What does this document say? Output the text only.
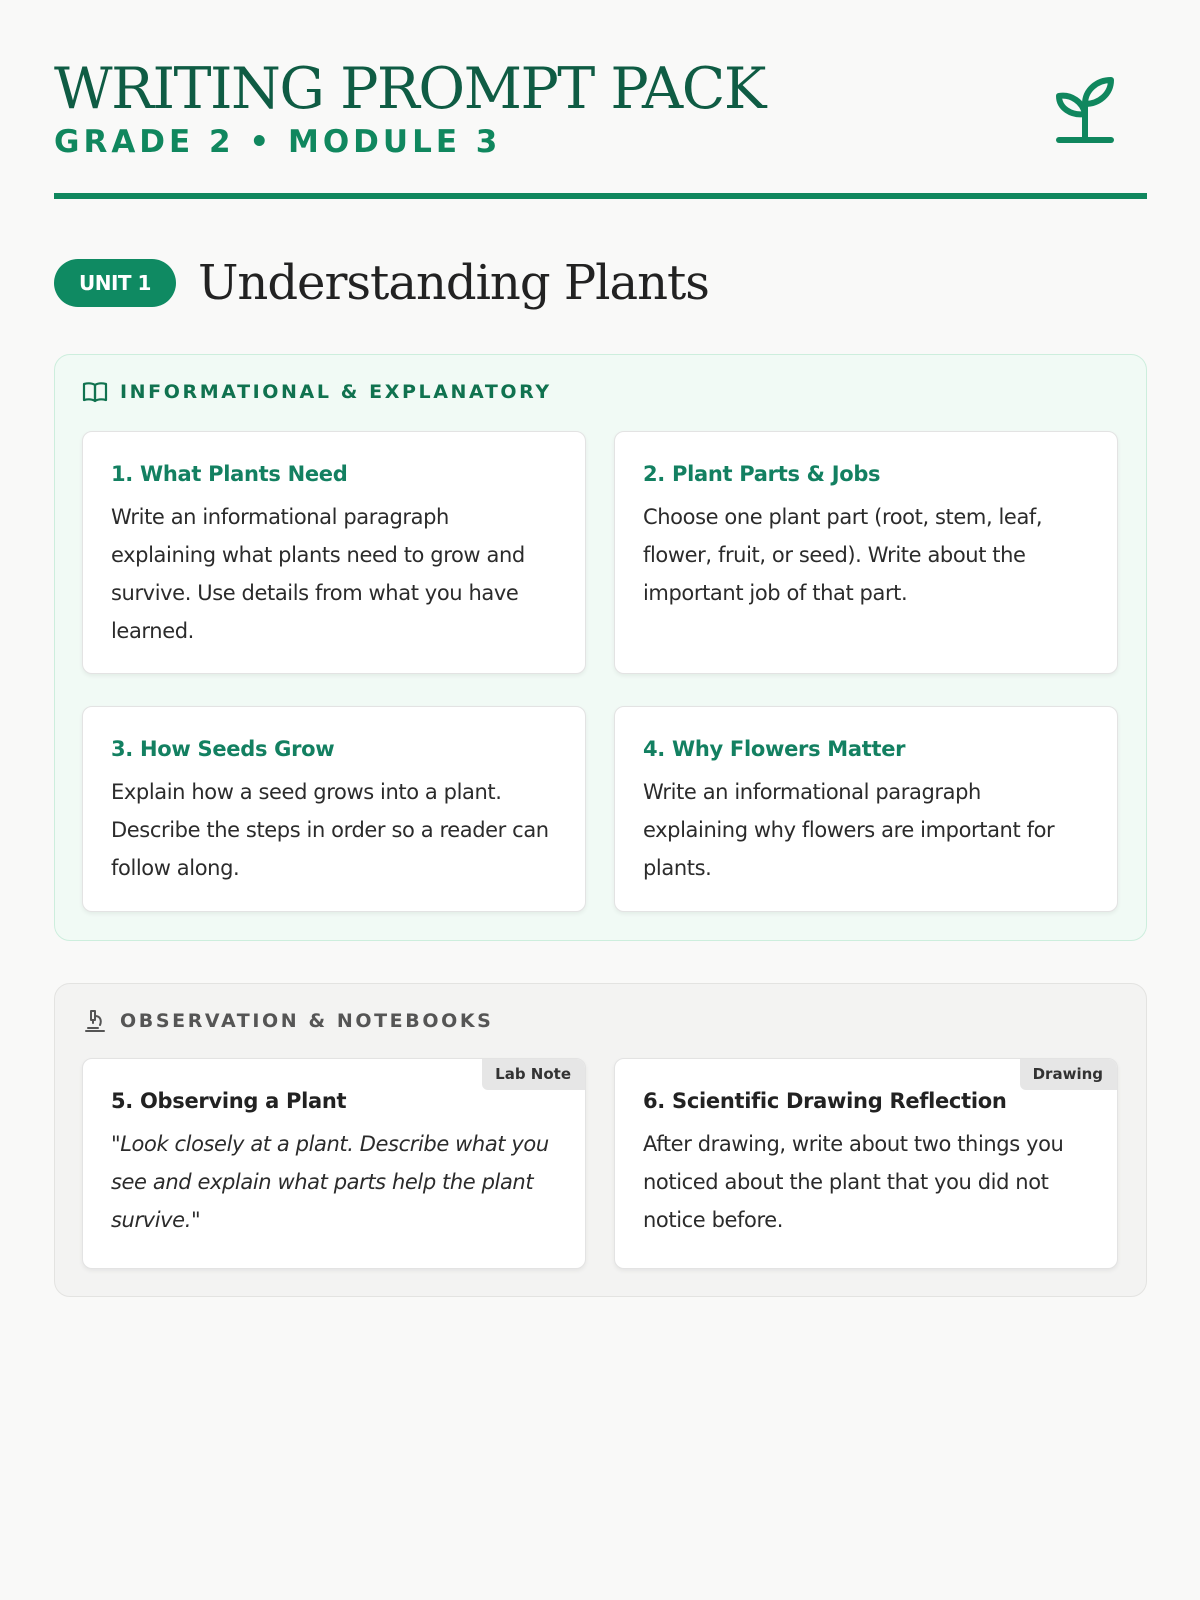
WRITING PROMPT PACK
GRADE 2 • MODULE 3
UNIT 1 Understanding Plants
INFORMATIONAL & EXPLANATORY
1. What Plants Need
Write an informational paragraph explaining what plants need to grow and survive. Use details from what you have learned.
2. Plant Parts & Jobs
Choose one plant part (root, stem, leaf, flower, fruit, or seed). Write about the important job of that part.
3. How Seeds Grow
Explain how a seed grows into a plant. Describe the steps in order so a reader can follow along.
4. Why Flowers Matter
Write an informational paragraph explaining why flowers are important for plants.
OBSERVATION & NOTEBOOKS
Lab Note
5. Observing a Plant
"Look closely at a plant. Describe what you see and explain what parts help the plant survive."
Drawing
6. Scientific Drawing Reflection
After drawing, write about two things you noticed about the plant that you did not notice before.
